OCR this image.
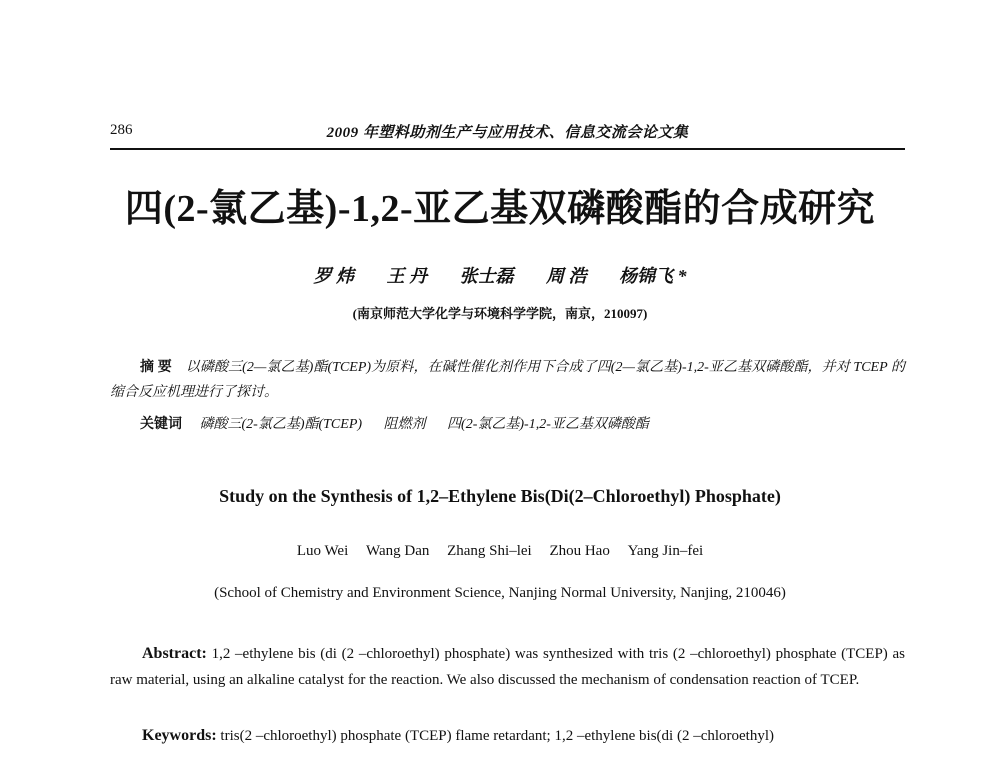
286	2009 年塑料助剂生产与应用技术、信息交流会论文集
四(2-氯乙基)-1,2-亚乙基双磷酸酯的合成研究
罗 炜 王 丹 张士磊 周 浩 杨锦飞 *
(南京师范大学化学与环境科学学院，南京，210097)
摘 要 以磷酸三(2—氯乙基)酯(TCEP)为原料，在碱性催化剂作用下合成了四(2—氯乙基)-1,2-亚乙基双磷酸酯，并对 TCEP 的缩合反应机理进行了探讨。
关键词 磷酸三(2-氯乙基)酯(TCEP) 阻燃剂 四(2-氯乙基)-1,2-亚乙基双磷酸酯
Study on the Synthesis of 1,2–Ethylene Bis(Di(2–Chloroethyl) Phosphate)
Luo Wei Wang Dan Zhang Shi–lei Zhou Hao Yang Jin–fei
(School of Chemistry and Environment Science, Nanjing Normal University, Nanjing, 210046)
Abstract: 1,2 –ethylene bis (di (2 –chloroethyl) phosphate) was synthesized with tris (2 –chloroethyl) phosphate (TCEP) as raw material, using an alkaline catalyst for the reaction. We also discussed the mechanism of condensation reaction of TCEP.
Keywords: tris(2 –chloroethyl) phosphate (TCEP) flame retardant; 1,2 –ethylene bis(di (2 –chloroethyl)
